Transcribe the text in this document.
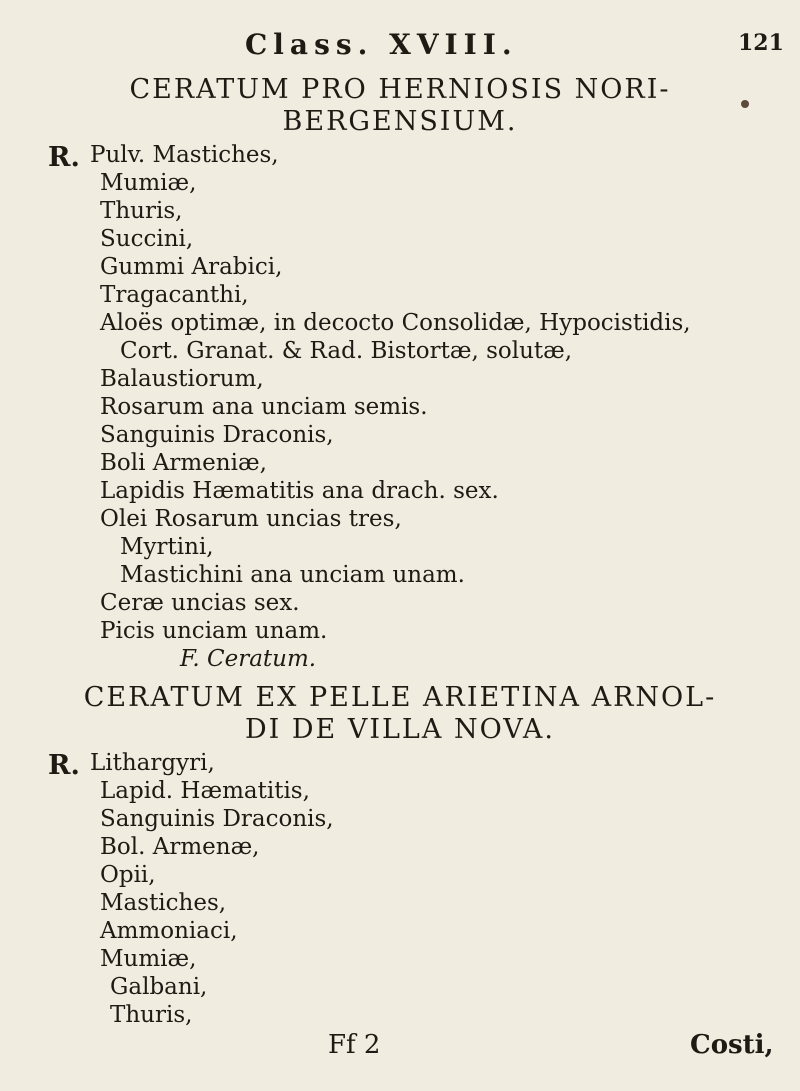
Class. XVIII.	121
CERATUM PRO HERNIOSIS NORI-
BERGENSIUM.
R. Pulv. Mastiches,
Mumiæ,
Thuris,
Succini,
Gummi Arabici,
Tragacanthi,
Aloës optimæ, in decocto Consolidæ, Hypocistidis,
Cort. Granat. & Rad. Bistortæ, solutæ,
Balaustiorum,
Rosarum ana unciam semis.
Sanguinis Draconis,
Boli Armeniæ,
Lapidis Hæmatitis ana drach. sex.
Olei Rosarum uncias tres,
Myrtini,
Mastichini ana unciam unam.
Ceræ uncias sex.
Picis unciam unam.
F. Ceratum.
CERATUM EX PELLE ARIETINA ARNOL-
DI DE VILLA NOVA.
R. Lithargyri,
Lapid. Hæmatitis,
Sanguinis Draconis,
Bol. Armenæ,
Opii,
Mastiches,
Ammoniaci,
Mumiæ,
Galbani,
Thuris,
Ff 2	Costi,
